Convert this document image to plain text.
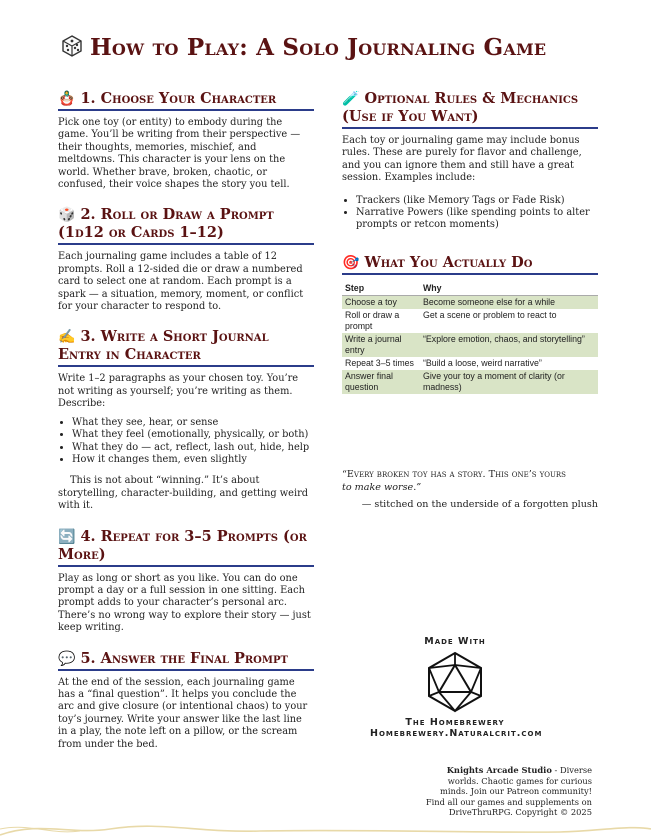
How to Play: A Solo Journaling Game
🪆 1. Choose Your Character

Pick one toy (or entity) to embody during the game. You’ll be writing from their perspective — their thoughts, memories, mischief, and meltdowns. This character is your lens on the world. Whether brave, broken, chaotic, or confused, their voice shapes the story you tell.

🎲 2. Roll or Draw a Prompt (1d12 or Cards 1–12)

Each journaling game includes a table of 12 prompts. Roll a 12-sided die or draw a numbered card to select one at random. Each prompt is a spark — a situation, memory, moment, or conflict for your character to respond to.

✍ 3. Write a Short Journal Entry in Character

Write 1–2 paragraphs as your chosen toy. You’re not writing as yourself; you’re writing as them. Describe:

• What they see, hear, or sense
• What they feel (emotionally, physically, or both)
• What they do — act, reflect, lash out, hide, help
• How it changes them, even slightly

This is not about “winning.” It’s about storytelling, character-building, and getting weird with it.

🔄 4. Repeat for 3–5 Prompts (or More)

Play as long or short as you like. You can do one prompt a day or a full session in one sitting. Each prompt adds to your character’s personal arc. There’s no wrong way to explore their story — just keep writing.

💬 5. Answer the Final Prompt

At the end of the session, each journaling game has a “final question”. It helps you conclude the arc and give closure (or intentional chaos) to your toy’s journey. Write your answer like the last line in a play, the note left on a pillow, or the scream from under the bed.

🧪 Optional Rules & Mechanics (Use if You Want)

Each toy or journaling game may include bonus rules. These are purely for flavor and challenge, and you can ignore them and still have a great session. Examples include:

• Trackers (like Memory Tags or Fade Risk)
• Narrative Powers (like spending points to alter prompts or retcon moments)
🎯 What You Actually Do
Step	Why
Choose a toy	Become someone else for a while
Roll or draw a prompt	Get a scene or problem to react to
Write a journal entry	“Explore emotion, chaos, and storytelling”
Repeat 3–5 times	“Build a loose, weird narrative”
Answer final question	Give your toy a moment of clarity (or madness)
“Every broken toy has a story. This one’s yours
to make worse.”
— stitched on the underside of a forgotten plush
Made With
The Homebrewery
Homebrewery.Naturalcrit.com
Knights Arcade Studio - Diverse worlds. Chaotic games for curious minds. Join our Patreon community! Find all our games and supplements on DriveThruRPG. Copyright © 2025
